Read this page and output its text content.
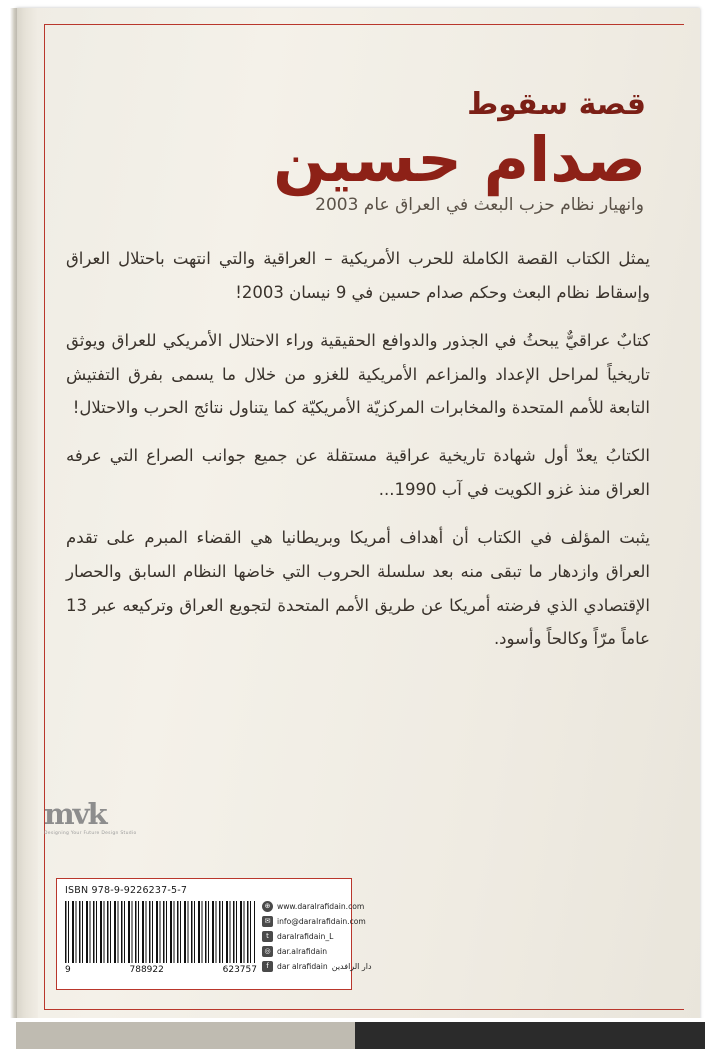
قصة سقوط
صدام حسين
وانهيار نظام حزب البعث في العراق عام 2003

يمثل الكتاب القصة الكاملة للحرب الأمريكية – العراقية والتي انتهت باحتلال العراق وإسقاط نظام البعث وحكم صدام حسين في 9 نيسان 2003!

كتابٌ عراقيٌّ يبحثُ في الجذور والدوافع الحقيقية وراء الاحتلال الأمريكي للعراق ويوثق تاريخياً لمراحل الإعداد والمزاعم الأمريكية للغزو من خلال ما يسمى بفرق التفتيش التابعة للأمم المتحدة والمخابرات المركزيّة الأمريكيّة كما يتناول نتائج الحرب والاحتلال!

الكتابُ يعدّ أول شهادة تاريخية عراقية مستقلة عن جميع جوانب الصراع التي عرفه العراق منذ غزو الكويت في آب 1990...

يثبت المؤلف في الكتاب أن أهداف أمريكا وبريطانيا هي القضاء المبرم على تقدم العراق وازدهار ما تبقى منه بعد سلسلة الحروب التي خاضها النظام السابق والحصار الإقتصادي الذي فرضته أمريكا عن طريق الأمم المتحدة لتجويع العراق وتركيعه عبر 13 عاماً مرّاً وكالحاً وأسود.

mvk
Designing Your Future Design Studio
ISBN 978-9-9226237-5-7
9	788922	623757
⊕ www.daralrafidain.com
✉ info@daralrafidain.com
t	daralrafidain_L
◎ dar.alrafidain
f	dar alrafidain دار الرافدين
